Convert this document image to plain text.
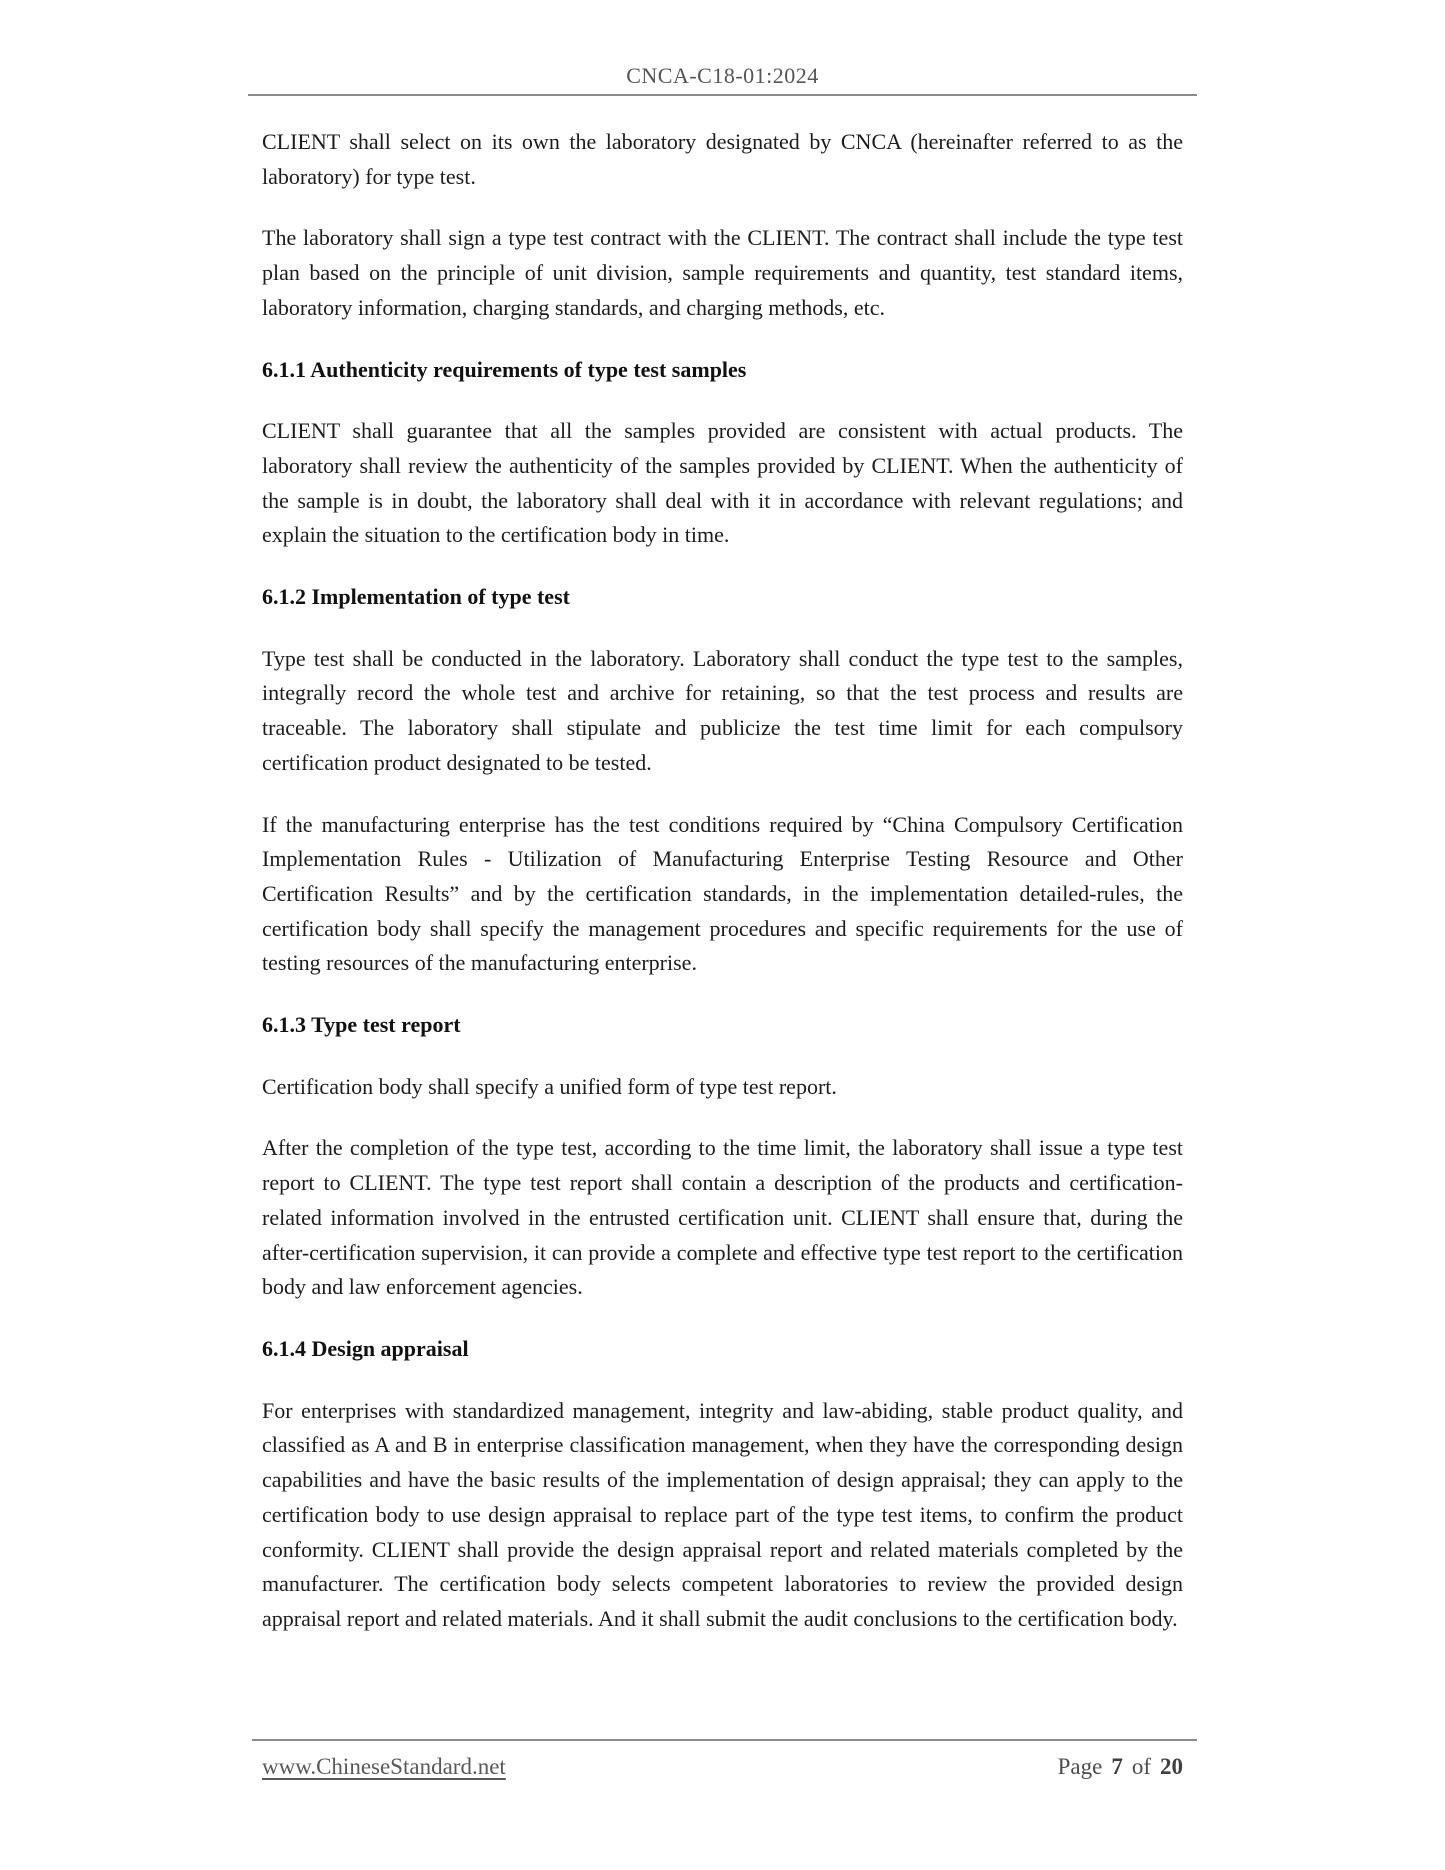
CNCA-C18-01:2024

CLIENT shall select on its own the laboratory designated by CNCA (hereinafter referred to as the laboratory) for type test.

The laboratory shall sign a type test contract with the CLIENT. The contract shall include the type test plan based on the principle of unit division, sample requirements and quantity, test standard items, laboratory information, charging standards, and charging methods, etc.

6.1.1 Authenticity requirements of type test samples

CLIENT shall guarantee that all the samples provided are consistent with actual products. The laboratory shall review the authenticity of the samples provided by CLIENT. When the authenticity of the sample is in doubt, the laboratory shall deal with it in accordance with relevant regulations; and explain the situation to the certification body in time.

6.1.2 Implementation of type test

Type test shall be conducted in the laboratory. Laboratory shall conduct the type test to the samples, integrally record the whole test and archive for retaining, so that the test process and results are traceable. The laboratory shall stipulate and publicize the test time limit for each compulsory certification product designated to be tested.

If the manufacturing enterprise has the test conditions required by “China Compulsory Certification Implementation Rules - Utilization of Manufacturing Enterprise Testing Resource and Other Certification Results” and by the certification standards, in the implementation detailed-rules, the certification body shall specify the management procedures and specific requirements for the use of testing resources of the manufacturing enterprise.

6.1.3 Type test report

Certification body shall specify a unified form of type test report.

After the completion of the type test, according to the time limit, the laboratory shall issue a type test report to CLIENT. The type test report shall contain a description of the products and certification-related information involved in the entrusted certification unit. CLIENT shall ensure that, during the after-certification supervision, it can provide a complete and effective type test report to the certification body and law enforcement agencies.

6.1.4 Design appraisal

For enterprises with standardized management, integrity and law-abiding, stable product quality, and classified as A and B in enterprise classification management, when they have the corresponding design capabilities and have the basic results of the implementation of design appraisal; they can apply to the certification body to use design appraisal to replace part of the type test items, to confirm the product conformity. CLIENT shall provide the design appraisal report and related materials completed by the manufacturer. The certification body selects competent laboratories to review the provided design appraisal report and related materials. And it shall submit the audit conclusions to the certification body.

www.ChineseStandard.net	Page 7 of 20
